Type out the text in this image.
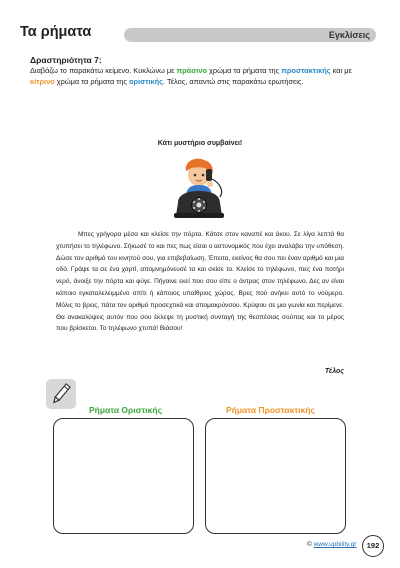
Τα ρήματα	Εγκλίσεις
Δραστηριότητα 7:
Διαβάζω το παρακάτω κείμενο. Κυκλώνω με πράσινο χρώμα τα ρήματα της προστακτικής και με κίτρινο χρώμα τα ρήματα της οριστικής. Τέλος, απαντώ στις παρακάτω ερωτήσεις.
Κάτι μυστήριο συμβαίνει!

Μπες γρήγορα μέσα και κλείσε την πόρτα. Κάτσε στον καναπέ και άκου. Σε λίγα λεπτά θα χτυπήσει το τηλέφωνο. Σήκωσέ το και πες πως είσαι ο αστυνομικός που έχει αναλάβει την υπόθεση. Δώσε τον αριθμό του κινητού σου, για επιβεβαίωση. Έπειτα, εκείνος θα σου πει έναν αριθμό και μια οδό. Γράψε τα σε ένα χαρτί, απομνημόνευσέ τα και σκίσε το. Κλείσε το τηλέφωνο, πιες ένα ποτήρι νερό, άνοιξε την πόρτα και φύγε. Πήγαινε εκεί που σου είπε ο άντρας στον τηλέφωνο. Δες αν είναι κάποιο εγκαταλελειμμένο σπίτι ή κάποιος υπαίθριος χώρος. Βρες πού ανήκει αυτό το νούμερο. Μόλις το βρεις, πάτα τον αριθμό προσεχτικά και απομακρύνσου. Κρύψου σε μια γωνία και περίμενε. Θα ανακαλύψεις αυτόν που σου έκλεψε τη μυστική συνταγή της θεσπέσιας σούπας και το μέρος που βρίσκεται. Το τηλέφωνο χτυπά! Βιάσου!

Τέλος
Ρήματα Οριστικής	Ρήματα Προστακτικής
© www.upbility.gr	192
